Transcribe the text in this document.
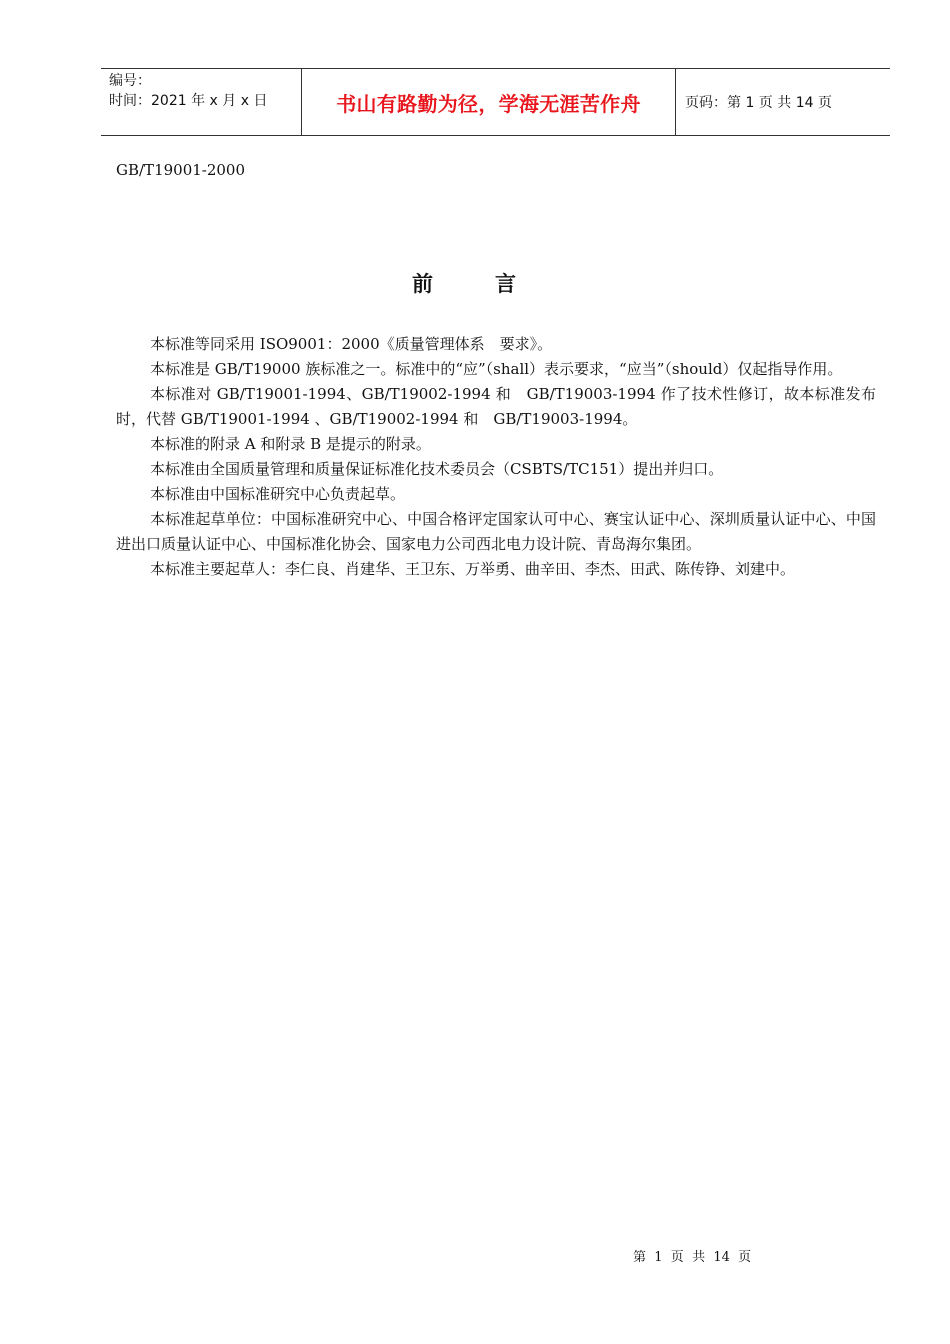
编号：
时间：2021 年 x 月 x 日	书山有路勤为径，学海无涯苦作舟	页码：第 1 页 共 14 页
GB/T19001-2000
前言

本标准等同采用 ISO9001：2000《质量管理体系　要求》。

本标准是 GB/T19000 族标准之一。标准中的“应”（shall）表示要求，“应当”（should）仅起指导作用。

本标准对 GB/T19001-1994、GB/T19002-1994 和　GB/T19003-1994 作了技术性修订，故本标准发布时，代替 GB/T19001-1994 、GB/T19002-1994 和　GB/T19003-1994。

本标准的附录 A 和附录 B 是提示的附录。

本标准由全国质量管理和质量保证标准化技术委员会（CSBTS/TC151）提出并归口。

本标准由中国标准研究中心负责起草。

本标准起草单位：中国标准研究中心、中国合格评定国家认可中心、赛宝认证中心、深圳质量认证中心、中国进出口质量认证中心、中国标准化协会、国家电力公司西北电力设计院、青岛海尔集团。

本标准主要起草人：李仁良、肖建华、王卫东、万举勇、曲辛田、李杰、田武、陈传铮、刘建中。

第  1  页  共  14  页
